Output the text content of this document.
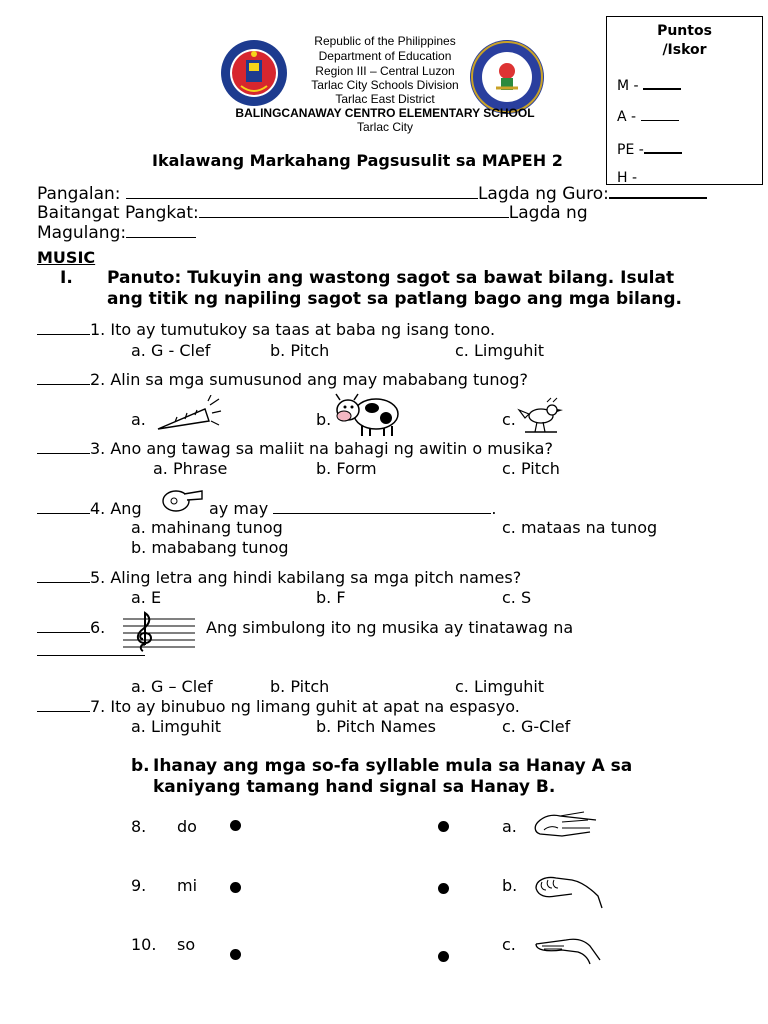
Republic of the Philippines
Department of Education
Region III – Central Luzon
Tarlac City Schools Division
Tarlac East District
BALINGCANAWAY CENTRO ELEMENTARY SCHOOL
Tarlac City
Puntos
/Iskor
M -
A -
PE -
H -
Ikalawang Markahang Pagsusulit sa MAPEH 2
Pangalan:	Lagda ng Guro:
Baitangat Pangkat:	Lagda ng
Magulang:
MUSIC
I. Panuto: Tukuyin ang wastong sagot sa bawat bilang. Isulat
ang titik ng napiling sagot sa patlang bago ang mga bilang.
1. Ito ay tumutukoy sa taas at baba ng isang tono.
a. G - Clef	b. Pitch	c. Limguhit
2. Alin sa mga sumusunod ang may mababang tunog?
a.	b.	c.
3. Ano ang tawag sa maliit na bahagi ng awitin o musika?
a. Phrase	b. Form	c. Pitch
4. Ang	ay may	.
a. mahinang tunog	c. mataas na tunog
b. mababang tunog
5. Aling letra ang hindi kabilang sa mga pitch names?
a. E	b. F	c. S
6.	Ang simbulong ito ng musika ay tinatawag na
a. G – Clef	b. Pitch	c. Limguhit
7. Ito ay binubuo ng limang guhit at apat na espasyo.
a. Limguhit	b. Pitch Names	c. G-Clef
b. Ihanay ang mga so-fa syllable mula sa Hanay A sa
kaniyang tamang hand signal sa Hanay B.
8. do	a.
9. mi	b.
10. so	c.
